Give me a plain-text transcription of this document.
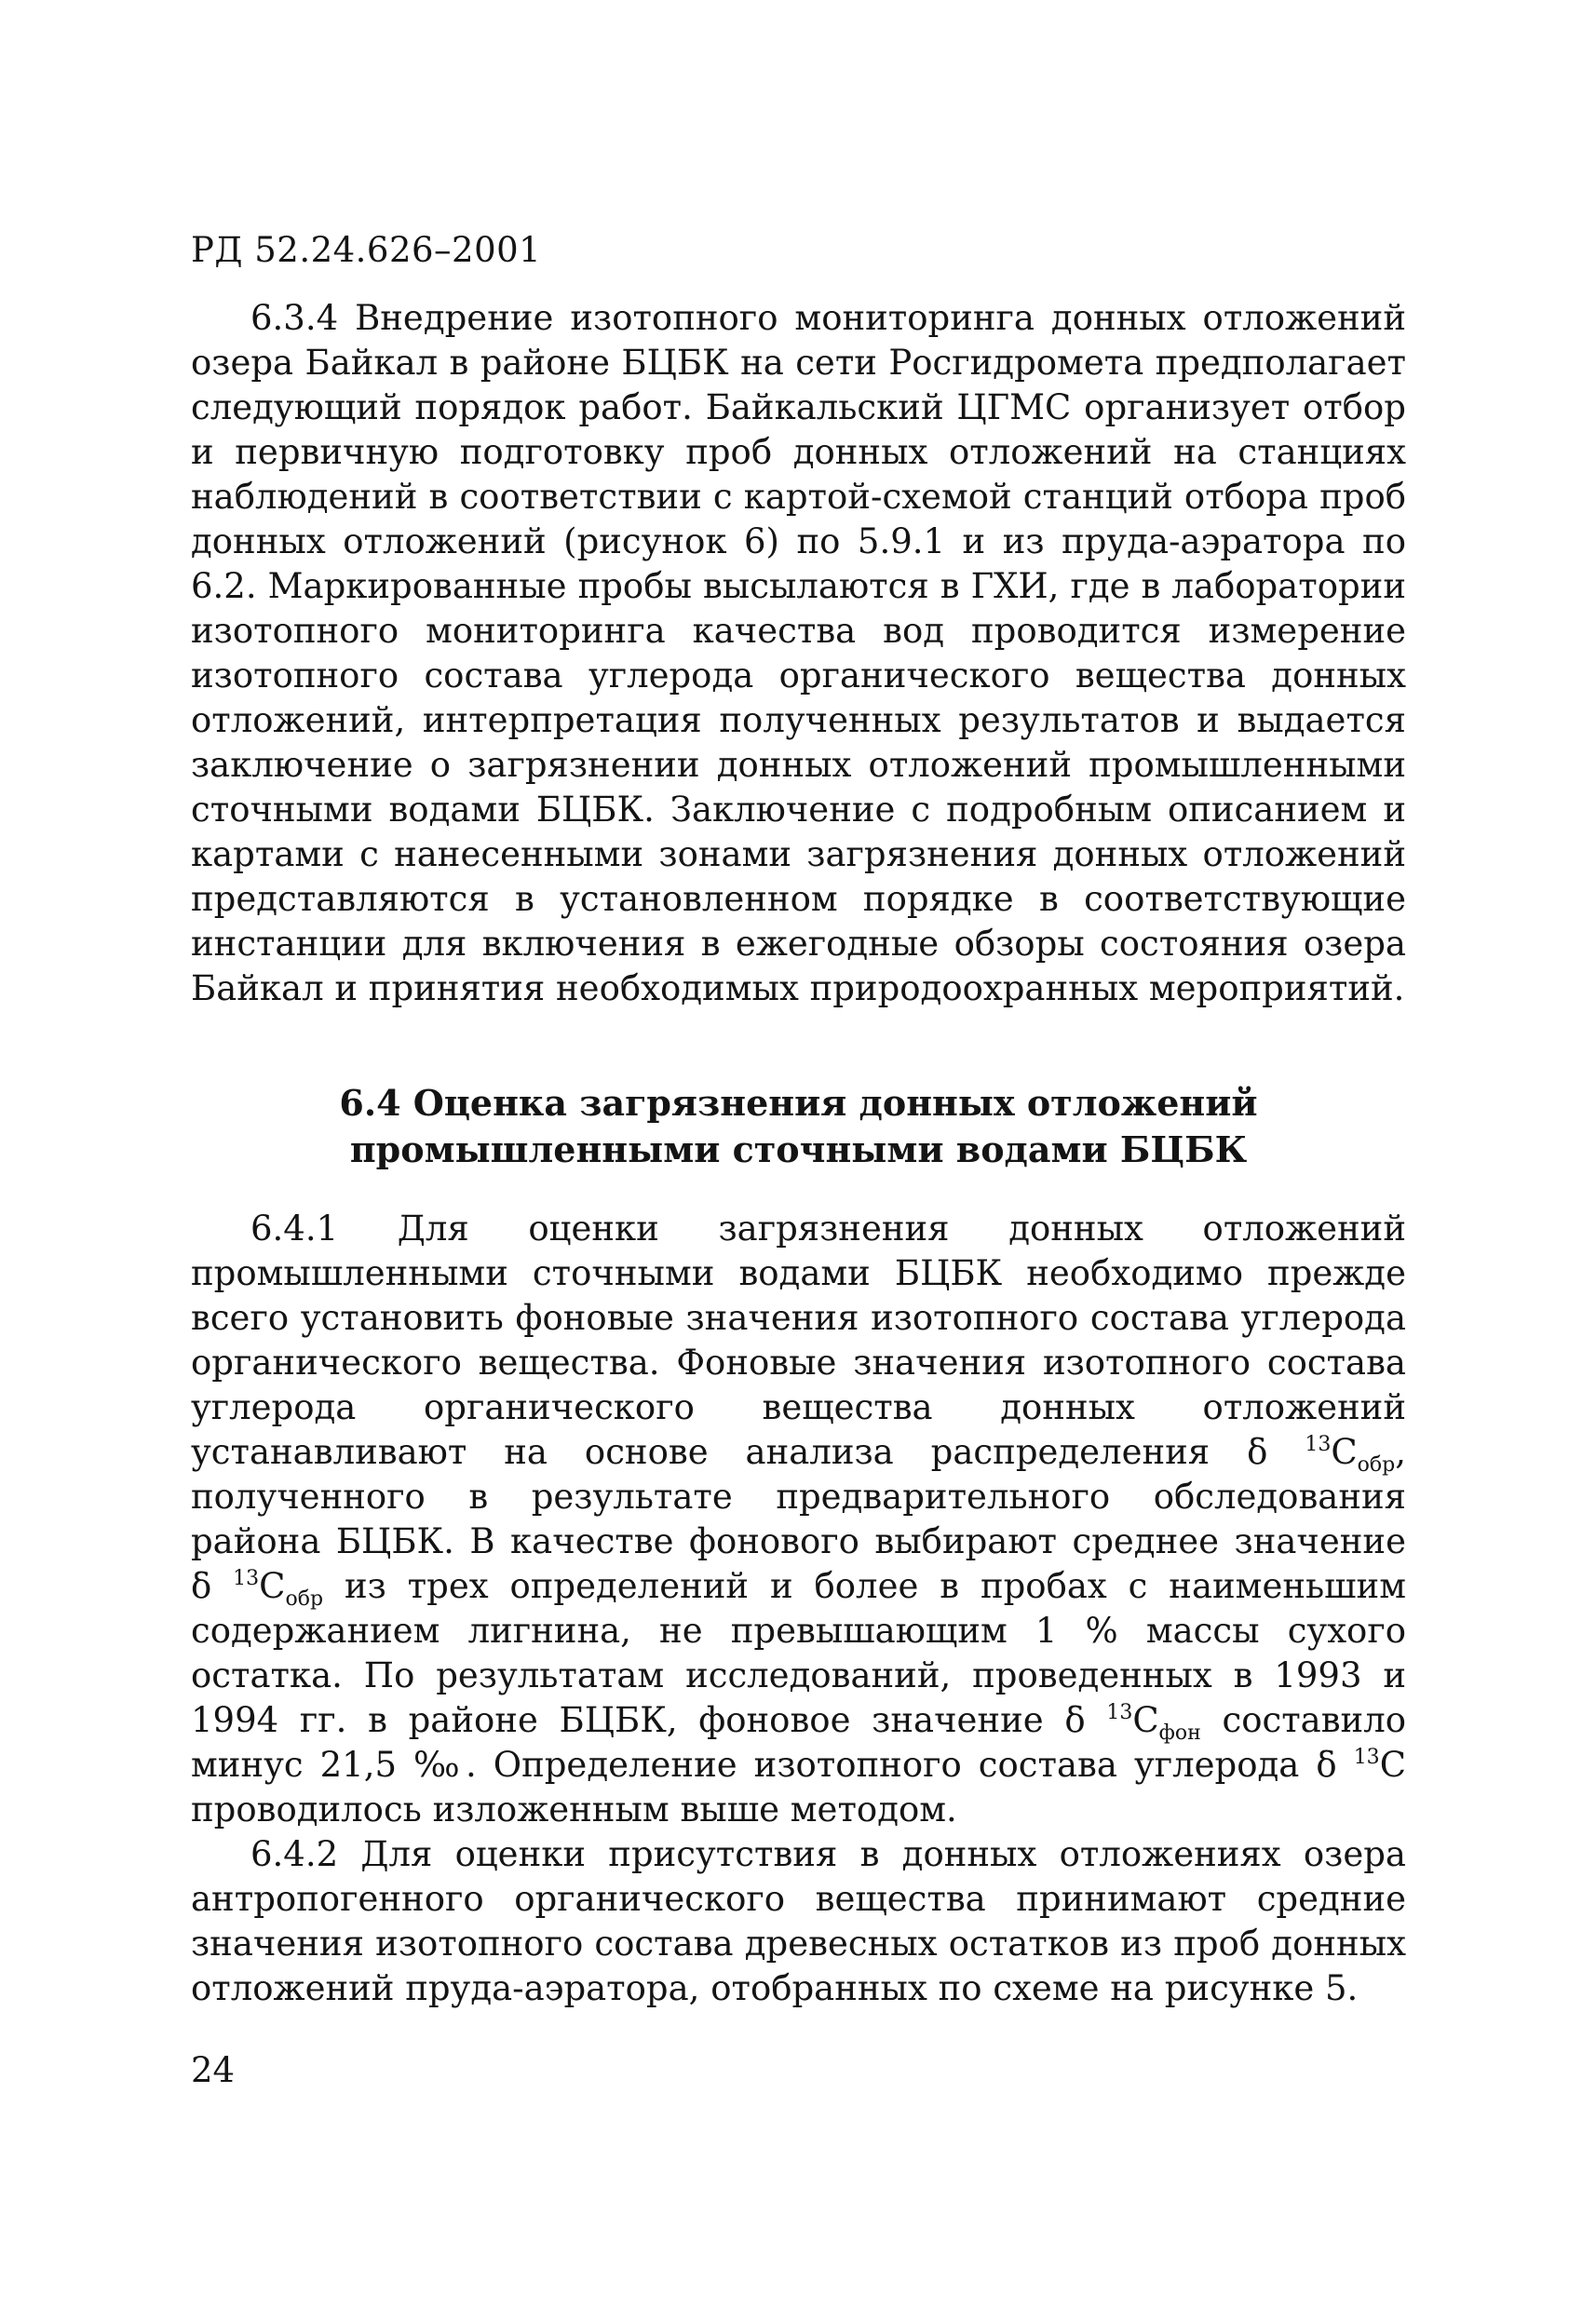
РД 52.24.626–2001

6.3.4 Внедрение изотопного мониторинга донных отложений озера Байкал в районе БЦБК на сети Росгидромета предполагает следующий порядок работ. Байкальский ЦГМС организует отбор и первичную подготовку проб донных отложений на станциях наблюдений в соответствии с картой-схемой станций отбора проб донных отложений (рисунок 6) по 5.9.1 и из пруда-аэратора по 6.2. Маркированные пробы высылаются в ГХИ, где в лаборатории изотопного мониторинга качества вод проводится измерение изотопного состава углерода органического вещества донных отложений, интерпретация полученных результатов и выдается заключение о загрязнении донных отложений промышленными сточными водами БЦБК. Заключение с подробным описанием и картами с нанесенными зонами загрязнения донных отложений представляются в установленном порядке в соответствующие инстанции для включения в ежегодные обзоры состояния озера Байкал и принятия необходимых природоохранных мероприятий.

6.4 Оценка загрязнения донных отложений
промышленными сточными водами БЦБК

6.4.1 Для оценки загрязнения донных отложений промышленными сточными водами БЦБК необходимо прежде всего установить фоновые значения изотопного состава углерода органического вещества. Фоновые значения изотопного состава углерода органического вещества донных отложений устанавливают на основе анализа распределения δ $^{13}С_{обр}$, полученного в результате предварительного обследования района БЦБК. В качестве фонового выбирают среднее значение δ $^{13}С_{обр}$ из трех определений и более в пробах с наименьшим содержанием лигнина, не превышающим 1 % массы сухого остатка. По результатам исследований, проведенных в 1993 и 1994 гг. в районе БЦБК, фоновое значение δ $^{13}С_{фон}$ составило минус 21,5 ‰. Определение изотопного состава углерода δ $^{13}$С проводилось изложенным выше методом.

6.4.2 Для оценки присутствия в донных отложениях озера антропогенного органического вещества принимают средние значения изотопного состава древесных остатков из проб донных отложений пруда-аэратора, отобранных по схеме на рисунке 5.

24
